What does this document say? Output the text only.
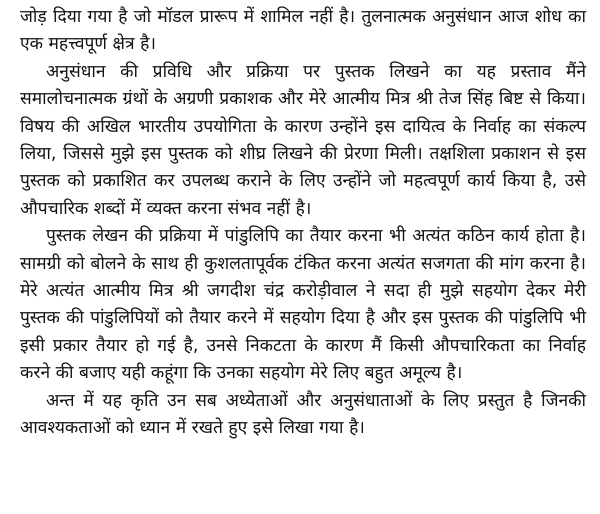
जोड़ दिया गया है जो मॉडल प्रारूप में शामिल नहीं है। तुलनात्मक अनुसंधान आज शोध का एक महत्त्वपूर्ण क्षेत्र है।

अनुसंधान की प्रविधि और प्रक्रिया पर पुस्तक लिखने का यह प्रस्ताव मैंने समालोचनात्मक ग्रंथों के अग्रणी प्रकाशक और मेरे आत्मीय मित्र श्री तेज सिंह बिष्ट से किया। विषय की अखिल भारतीय उपयोगिता के कारण उन्होंने इस दायित्व के निर्वाह का संकल्प लिया, जिससे मुझे इस पुस्तक को शीघ्र लिखने की प्रेरणा मिली। तक्षशिला प्रकाशन से इस पुस्तक को प्रकाशित कर उपलब्ध कराने के लिए उन्होंने जो महत्वपूर्ण कार्य किया है, उसे औपचारिक शब्दों में व्यक्त करना संभव नहीं है।

पुस्तक लेखन की प्रक्रिया में पांडुलिपि का तैयार करना भी अत्यंत कठिन कार्य होता है। सामग्री को बोलने के साथ ही कुशलतापूर्वक टंकित करना अत्यंत सजगता की मांग करना है। मेरे अत्यंत आत्मीय मित्र श्री जगदीश चंद्र करोड़ीवाल ने सदा ही मुझे सहयोग देकर मेरी पुस्तक की पांडुलिपियों को तैयार करने में सहयोग दिया है और इस पुस्तक की पांडुलिपि भी इसी प्रकार तैयार हो गई है, उनसे निकटता के कारण मैं किसी औपचारिकता का निर्वाह करने की बजाए यही कहूंगा कि उनका सहयोग मेरे लिए बहुत अमूल्य है।

अन्त में यह कृति उन सब अध्येताओं और अनुसंधाताओं के लिए प्रस्तुत है जिनकी आवश्यकताओं को ध्यान में रखते हुए इसे लिखा गया है।
